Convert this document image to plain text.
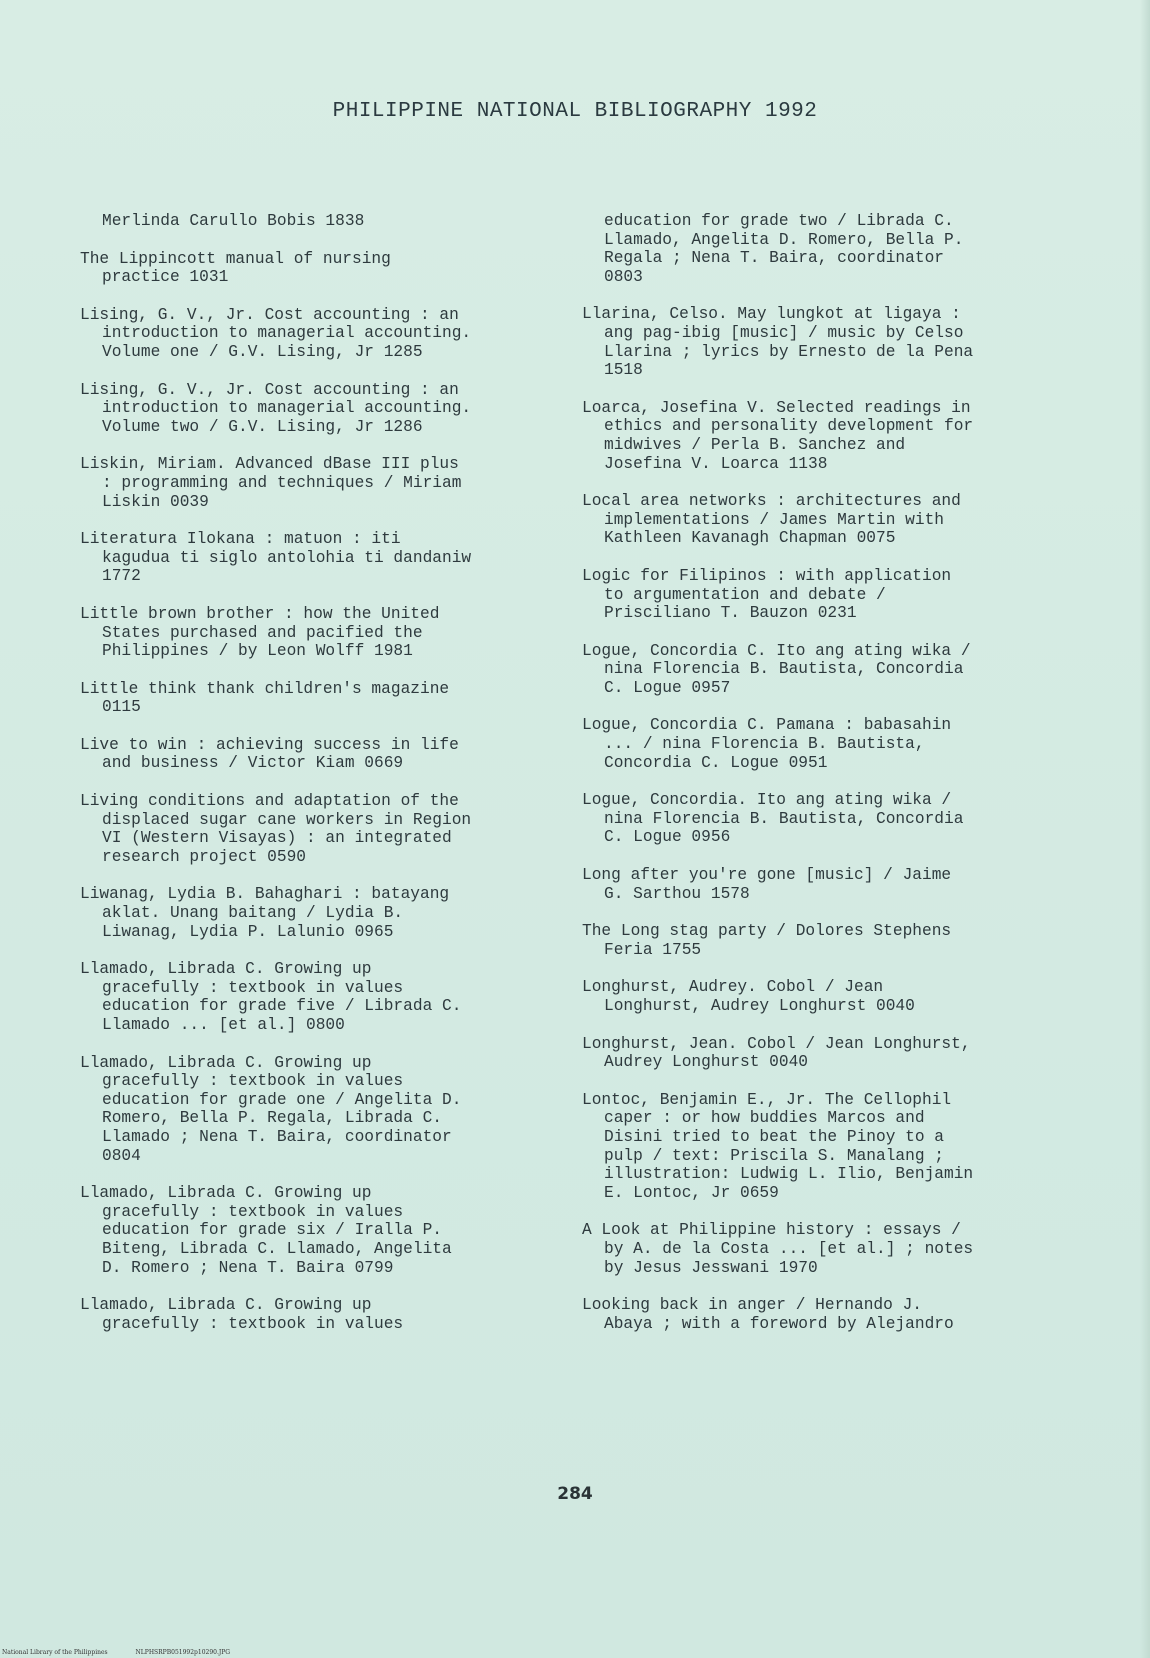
PHILIPPINE NATIONAL BIBLIOGRAPHY 1992

Merlinda Carullo Bobis 1838

The Lippincott manual of nursing
practice 1031

Lising, G. V., Jr. Cost accounting : an
introduction to managerial accounting.
Volume one / G.V. Lising, Jr 1285

Lising, G. V., Jr. Cost accounting : an
introduction to managerial accounting.
Volume two / G.V. Lising, Jr 1286

Liskin, Miriam. Advanced dBase III plus
: programming and techniques / Miriam
Liskin 0039

Literatura Ilokana : matuon : iti
kagudua ti siglo antolohia ti dandaniw
1772

Little brown brother : how the United
States purchased and pacified the
Philippines / by Leon Wolff 1981

Little think thank children's magazine
0115

Live to win : achieving success in life
and business / Victor Kiam 0669

Living conditions and adaptation of the
displaced sugar cane workers in Region
VI (Western Visayas) : an integrated
research project 0590

Liwanag, Lydia B. Bahaghari : batayang
aklat. Unang baitang / Lydia B.
Liwanag, Lydia P. Lalunio 0965

Llamado, Librada C. Growing up
gracefully : textbook in values
education for grade five / Librada C.
Llamado ... [et al.] 0800

Llamado, Librada C. Growing up
gracefully : textbook in values
education for grade one / Angelita D.
Romero, Bella P. Regala, Librada C.
Llamado ; Nena T. Baira, coordinator
0804

Llamado, Librada C. Growing up
gracefully : textbook in values
education for grade six / Iralla P.
Biteng, Librada C. Llamado, Angelita
D. Romero ; Nena T. Baira 0799

Llamado, Librada C. Growing up
gracefully : textbook in values

education for grade two / Librada C.
Llamado, Angelita D. Romero, Bella P.
Regala ; Nena T. Baira, coordinator
0803

Llarina, Celso. May lungkot at ligaya :
ang pag-ibig [music] / music by Celso
Llarina ; lyrics by Ernesto de la Pena
1518

Loarca, Josefina V. Selected readings in
ethics and personality development for
midwives / Perla B. Sanchez and
Josefina V. Loarca 1138

Local area networks : architectures and
implementations / James Martin with
Kathleen Kavanagh Chapman 0075

Logic for Filipinos : with application
to argumentation and debate /
Prisciliano T. Bauzon 0231

Logue, Concordia C. Ito ang ating wika /
nina Florencia B. Bautista, Concordia
C. Logue 0957

Logue, Concordia C. Pamana : babasahin
... / nina Florencia B. Bautista,
Concordia C. Logue 0951

Logue, Concordia. Ito ang ating wika /
nina Florencia B. Bautista, Concordia
C. Logue 0956

Long after you're gone [music] / Jaime
G. Sarthou 1578

The Long stag party / Dolores Stephens
Feria 1755

Longhurst, Audrey. Cobol / Jean
Longhurst, Audrey Longhurst 0040

Longhurst, Jean. Cobol / Jean Longhurst,
Audrey Longhurst 0040

Lontoc, Benjamin E., Jr. The Cellophil
caper : or how buddies Marcos and
Disini tried to beat the Pinoy to a
pulp / text: Priscila S. Manalang ;
illustration: Ludwig L. Ilio, Benjamin
E. Lontoc, Jr 0659

A Look at Philippine history : essays /
by A. de la Costa ... [et al.] ; notes
by Jesus Jesswani 1970

Looking back in anger / Hernando J.
Abaya ; with a foreword by Alejandro

284
National Library of the Philippines	NLPHSRPB051992p10290.JPG
